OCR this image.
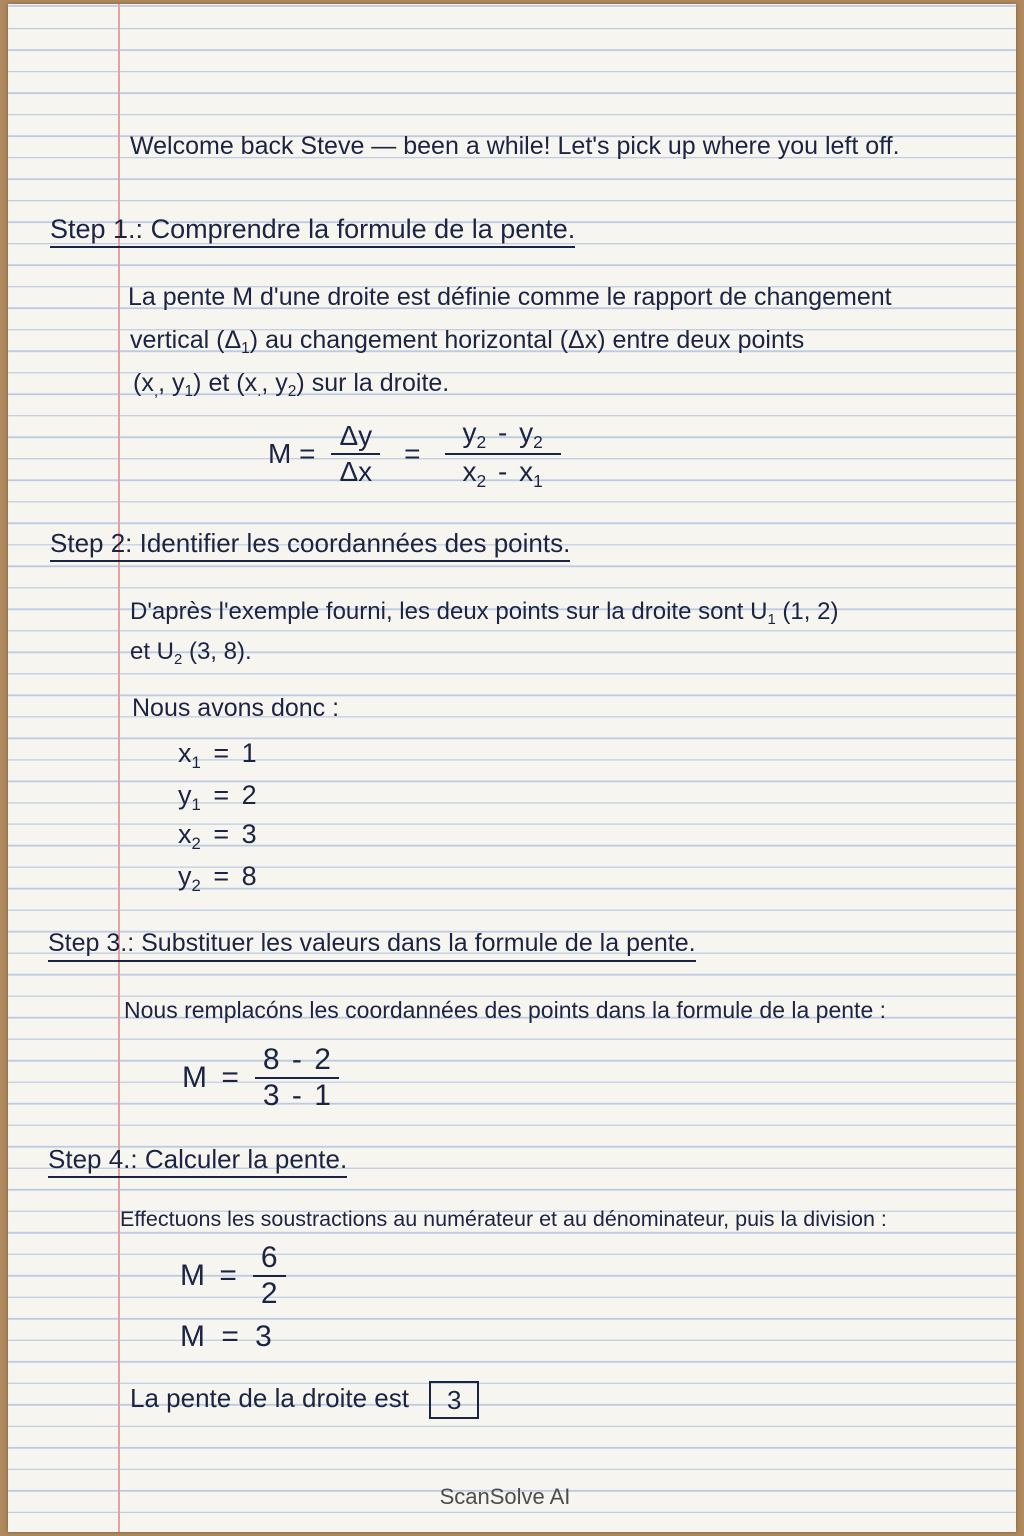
Welcome back Steve — been a while! Let's pick up where you left off.
Step 1.: Comprendre la formule de la pente.
La pente M d'une droite est définie comme le rapport de changement
vertical $(\Delta_1)$ au changement horizontal (Δx) entre deux points
($x_,$, $y_1$) et ($x_.$, $y_2$) sur la droite.
$M = \frac{\Delta y}{\Delta x} = \frac{y_2 - y_2}{x_2 - x_1}$
Step 2: Identifier les coordannées des points.
D'après l'exemple fourni, les deux points sur la droite sont $U_1$ (1, 2)
et $U_2$ (3, 8).
Nous avons donc :
$x_1 = 1$
$y_1 = 2$
$x_2 = 3$
$y_2 = 8$
Step 3.: Substituer les valeurs dans la formule de la pente.
Nous remplacóns les coordannées des points dans la formule de la pente :
$M = \frac{8 - 2}{3 - 1}$
Step 4.: Calculer la pente.
Effectuons les soustractions au numérateur et au dénominateur, puis la division :
$M = \frac{6}{2}$
M = 3
La pente de la droite est 3
ScanSolve AI
